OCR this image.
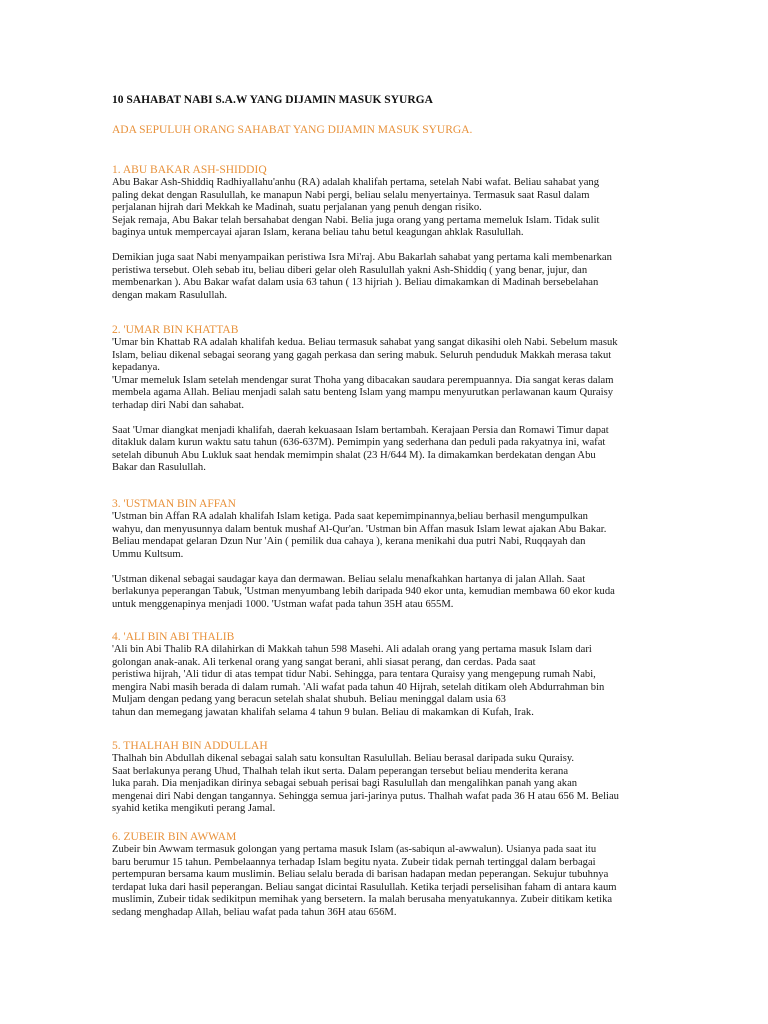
10 SAHABAT NABI S.A.W YANG DIJAMIN MASUK SYURGA
ADA SEPULUH ORANG SAHABAT YANG DIJAMIN MASUK SYURGA.
1. ABU BAKAR ASH-SHIDDIQ

Abu Bakar Ash-Shiddiq Radhiyallahu'anhu (RA) adalah khalifah pertama, setelah Nabi wafat. Beliau sahabat yang
paling dekat dengan Rasulullah, ke manapun Nabi pergi, beliau selalu menyertainya. Termasuk saat Rasul dalam
perjalanan hijrah dari Mekkah ke Madinah, suatu perjalanan yang penuh dengan risiko.
Sejak remaja, Abu Bakar telah bersahabat dengan Nabi. Belia juga orang yang pertama memeluk Islam. Tidak sulit
baginya untuk mempercayai ajaran Islam, kerana beliau tahu betul keagungan ahklak Rasulullah.

Demikian juga saat Nabi menyampaikan peristiwa Isra Mi'raj. Abu Bakarlah sahabat yang pertama kali membenarkan
peristiwa tersebut. Oleh sebab itu, beliau diberi gelar oleh Rasulullah yakni Ash-Shiddiq ( yang benar, jujur, dan
membenarkan ). Abu Bakar wafat dalam usia 63 tahun ( 13 hijriah ). Beliau dimakamkan di Madinah bersebelahan
dengan makam Rasulullah.

2. 'UMAR BIN KHATTAB

'Umar bin Khattab RA adalah khalifah kedua. Beliau termasuk sahabat yang sangat dikasihi oleh Nabi. Sebelum masuk
Islam, beliau dikenal sebagai seorang yang gagah perkasa dan sering mabuk. Seluruh penduduk Makkah merasa takut
kepadanya.
'Umar memeluk Islam setelah mendengar surat Thoha yang dibacakan saudara perempuannya. Dia sangat keras dalam
membela agama Allah. Beliau menjadi salah satu benteng Islam yang mampu menyurutkan perlawanan kaum Quraisy
terhadap diri Nabi dan sahabat.

Saat 'Umar diangkat menjadi khalifah, daerah kekuasaan Islam bertambah. Kerajaan Persia dan Romawi Timur dapat
ditakluk dalam kurun waktu satu tahun (636-637M). Pemimpin yang sederhana dan peduli pada rakyatnya ini, wafat
setelah dibunuh Abu Lukluk saat hendak memimpin shalat (23 H/644 M). Ia dimakamkan berdekatan dengan Abu
Bakar dan Rasulullah.

3. 'USTMAN BIN AFFAN

'Ustman bin Affan RA adalah khalifah Islam ketiga. Pada saat kepemimpinannya,beliau berhasil mengumpulkan
wahyu, dan menyusunnya dalam bentuk mushaf Al-Qur'an. 'Ustman bin Affan masuk Islam lewat ajakan Abu Bakar.
Beliau mendapat gelaran Dzun Nur 'Ain ( pemilik dua cahaya ), kerana menikahi dua putri Nabi, Ruqqayah dan
Ummu Kultsum.

'Ustman dikenal sebagai saudagar kaya dan dermawan. Beliau selalu menafkahkan hartanya di jalan Allah. Saat
berlakunya peperangan Tabuk, 'Ustman menyumbang lebih daripada 940 ekor unta, kemudian membawa 60 ekor kuda
untuk menggenapinya menjadi 1000. 'Ustman wafat pada tahun 35H atau 655M.

4. 'ALI BIN ABI THALIB

'Ali bin Abi Thalib RA dilahirkan di Makkah tahun 598 Masehi. Ali adalah orang yang pertama masuk Islam dari
golongan anak-anak. Ali terkenal orang yang sangat berani, ahli siasat perang, dan cerdas. Pada saat
peristiwa hijrah, 'Ali tidur di atas tempat tidur Nabi. Sehingga, para tentara Quraisy yang mengepung rumah Nabi,
mengira Nabi masih berada di dalam rumah. 'Ali wafat pada tahun 40 Hijrah, setelah ditikam oleh Abdurrahman bin
Muljam dengan pedang yang beracun setelah shalat shubuh. Beliau meninggal dalam usia 63
tahun dan memegang jawatan khalifah selama 4 tahun 9 bulan. Beliau di makamkan di Kufah, Irak.

5. THALHAH BIN ADDULLAH

Thalhah bin Abdullah dikenal sebagai salah satu konsultan Rasulullah. Beliau berasal daripada suku Quraisy.
Saat berlakunya perang Uhud, Thalhah telah ikut serta. Dalam peperangan tersebut beliau menderita kerana
luka parah. Dia menjadikan dirinya sebagai sebuah perisai bagi Rasulullah dan mengalihkan panah yang akan
mengenai diri Nabi dengan tangannya. Sehingga semua jari-jarinya putus. Thalhah wafat pada 36 H atau 656 M. Beliau
syahid ketika mengikuti perang Jamal.

6. ZUBEIR BIN AWWAM

Zubeir bin Awwam termasuk golongan yang pertama masuk Islam (as-sabiqun al-awwalun). Usianya pada saat itu
baru berumur 15 tahun. Pembelaannya terhadap Islam begitu nyata. Zubeir tidak pernah tertinggal dalam berbagai
pertempuran bersama kaum muslimin. Beliau selalu berada di barisan hadapan medan peperangan. Sekujur tubuhnya
terdapat luka dari hasil peperangan. Beliau sangat dicintai Rasulullah. Ketika terjadi perselisihan faham di antara kaum
muslimin, Zubeir tidak sedikitpun memihak yang bersetern. Ia malah berusaha menyatukannya. Zubeir ditikam ketika
sedang menghadap Allah, beliau wafat pada tahun 36H atau 656M.
